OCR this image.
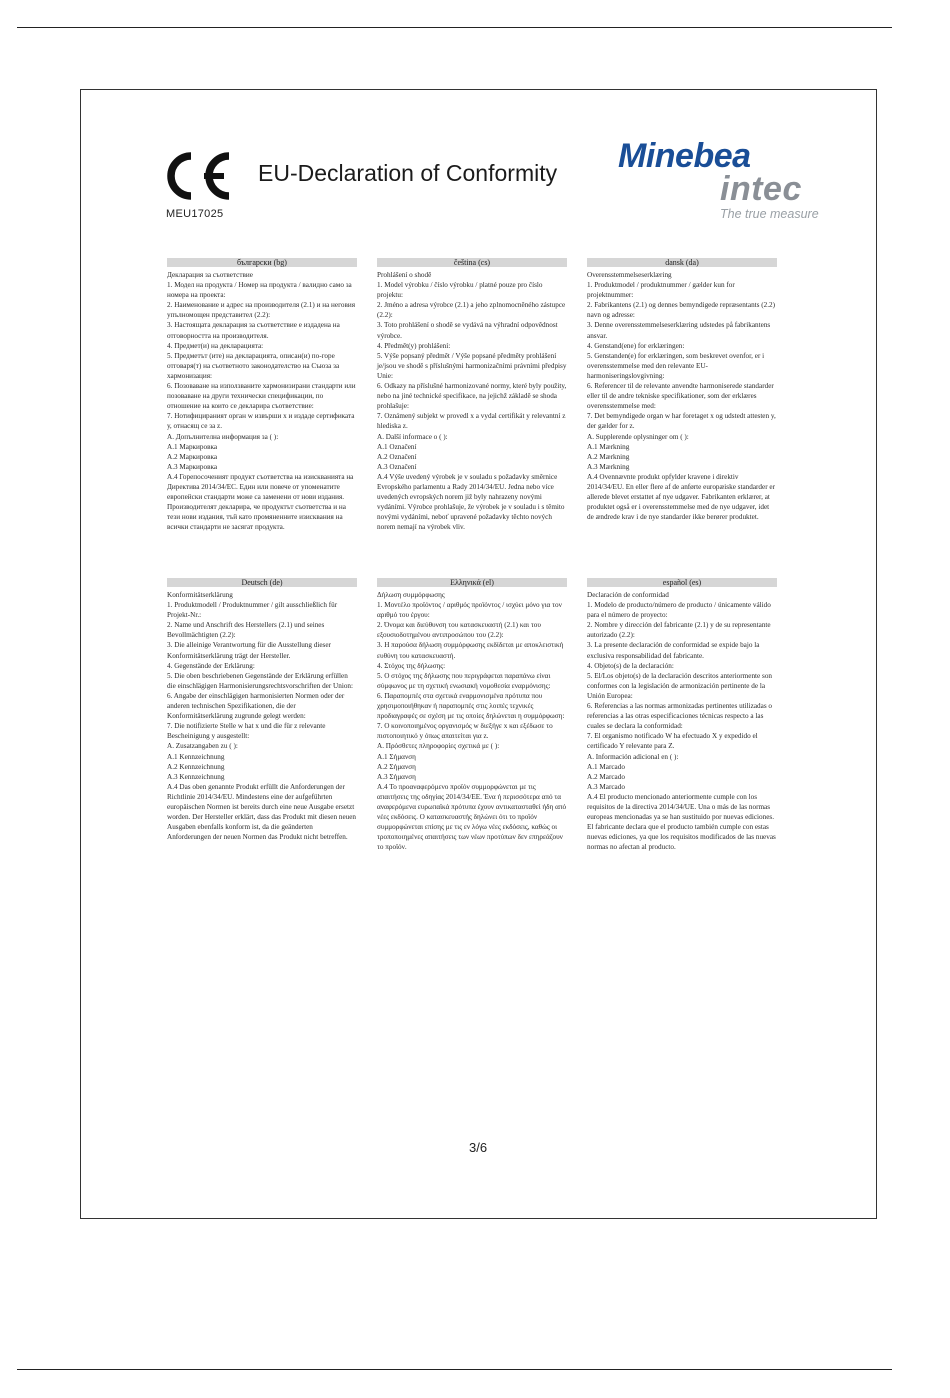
MEU17025
EU-Declaration of Conformity Minebea
intec
The true measure
български (bg)

Декларация за съответствие

1. Модел на продукта / Номер на продукта / валидно само за номера на проекта:

2. Наименование и адрес на производителя (2.1) и на неговия упълномощен представител (2.2):

3. Настоящата декларация за съответствие е издадена на отговорността на производителя.

4. Предмет(и) на декларацията:

5. Предметът (ите) на декларацията, описан(и) по-горе отговаря(т) на съответното законодателство на Съюза за хармонизация:

6. Позоваване на използваните хармонизирани стандарти или позоваване на други технически спецификации, по отношение на които се декларира съответствие:

7. Нотифицираният орган w извърши х и издаде сертификата у, отнасящ се за z.

A. Допълнителна информация за ( ):

A.1 Маркировка

A.2 Маркировка

A.3 Маркировка

A.4 Горепосоченият продукт съответства на изискванията на Директива 2014/34/ЕС. Един или повече от упоменатите европейски стандарти може са заменени от нови издания. Производителят декларира, че продуктът съответства и на тези нови издания, тъй като промяненните изисквания на всички стандарти не засягат продукта.

čeština (cs)

Prohlášení o shodě

1. Model výrobku / číslo výrobku / platné pouze pro číslo projektu:

2. Jméno a adresa výrobce (2.1) a jeho zplnomocněného zástupce (2.2):

3. Toto prohlášení o shodě se vydává na výhradní odpovědnost výrobce.

4. Předmět(y) prohlášení:

5. Výše popsaný předmět / Výše popsané předměty prohlášení je/jsou ve shodě s příslušnými harmonizačními právními předpisy Unie:

6. Odkazy na příslušné harmonizované normy, které byly použity, nebo na jiné technické specifikace, na jejichž základě se shoda prohlašuje:

7. Oznámený subjekt w provedl x a vydal certifikát y relevantní z hlediska z.

A. Další informace o ( ):

A.1 Označení

A.2 Označení

A.3 Označení

A.4 Výše uvedený výrobek je v souladu s požadavky směrnice Evropského parlamentu a Rady 2014/34/EU. Jedna nebo více uvedených evropských norem již byly nahrazeny novými vydáními. Výrobce prohlašuje, že výrobek je v souladu i s těmito novými vydáními, neboť upravené požadavky těchto nových norem nemají na výrobek vliv.

dansk (da)

Overensstemmelseserklæring

1. Produktmodel / produktnummer / gælder kun for projektnummer:

2. Fabrikantens (2.1) og dennes bemyndigede repræsentants (2.2) navn og adresse:

3. Denne overensstemmelseserklæring udstedes på fabrikantens ansvar.

4. Genstand(ene) for erklæringen:

5. Genstanden(e) for erklæringen, som beskrevet ovenfor, er i overensstemmelse med den relevante EU-harmoniseringslovgivning:

6. Referencer til de relevante anvendte harmoniserede standarder eller til de andre tekniske specifikationer, som der erklæres overensstemmelse med:

7. Det bemyndigede organ w har foretaget x og udstedt attesten y, der gælder for z.

A. Supplerende oplysninger om ( ):

A.1 Mærkning

A.2 Mærkning

A.3 Mærkning

A.4 Ovennævnte produkt opfylder kravene i direktiv 2014/34/EU. En eller flere af de anførte europæiske standarder er allerede blevet erstattet af nye udgaver. Fabrikanten erklærer, at produktet også er i overensstemmelse med de nye udgaver, idet de ændrede krav i de nye standarder ikke berører produktet.

Deutsch (de)

Konformitätserklärung

1. Produktmodell / Produktnummer / gilt ausschließlich für Projekt-Nr.:

2. Name und Anschrift des Herstellers (2.1) und seines Bevollmächtigten (2.2):

3. Die alleinige Verantwortung für die Ausstellung dieser Konformitätserklärung trägt der Hersteller.

4. Gegenstände der Erklärung:

5. Die oben beschriebenen Gegenstände der Erklärung erfüllen die einschlägigen Harmonisierungsrechtsvorschriften der Union:

6. Angabe der einschlägigen harmonisierten Normen oder der anderen technischen Spezifikationen, die der Konformitätserklärung zugrunde gelegt werden:

7. Die notifizierte Stelle w hat x und die für z relevante Bescheinigung y ausgestellt:

A. Zusatzangaben zu ( ):

A.1 Kennzeichnung

A.2 Kennzeichnung

A.3 Kennzeichnung

A.4 Das oben genannte Produkt erfüllt die Anforderungen der Richtlinie 2014/34/EU. Mindestens eine der aufgeführten europäischen Normen ist bereits durch eine neue Ausgabe ersetzt worden. Der Hersteller erklärt, dass das Produkt mit diesen neuen Ausgaben ebenfalls konform ist, da die geänderten Anforderungen der neuen Normen das Produkt nicht betreffen.

Ελληνικά (el)

Δήλωση συμμόρφωσης

1. Μοντέλο προϊόντος / αριθμός προϊόντος / ισχύει μόνο για τον αριθμό του έργου:

2. Όνομα και διεύθυνση του κατασκευαστή (2.1) και του εξουσιοδοτημένου αντιπροσώπου του (2.2):

3. Η παρούσα δήλωση συμμόρφωσης εκδίδεται με αποκλειστική ευθύνη του κατασκευαστή.

4. Στόχος της δήλωσης:

5. Ο στόχος της δήλωσης που περιγράφεται παραπάνω είναι σύμφωνος με τη σχετική ενωσιακή νομοθεσία εναρμόνισης:

6. Παραπομπές στα σχετικά εναρμονισμένα πρότυπα που χρησιμοποιήθηκαν ή παραπομπές στις λοιπές τεχνικές προδιαγραφές σε σχέση με τις οποίες δηλώνεται η συμμόρφωση:

7. Ο κοινοποιημένος οργανισμός w διεξήγε x και εξέδωσε το πιστοποιητικό y όπως απαιτείται για z.

A. Πρόσθετες πληροφορίες σχετικά με ( ):

A.1 Σήμανση

A.2 Σήμανση

A.3 Σήμανση

A.4 Το προαναφερόμενο προϊόν συμμορφώνεται με τις απαιτήσεις της οδηγίας 2014/34/ΕΕ. Ένα ή περισσότερα από τα αναφερόμενα ευρωπαϊκά πρότυπα έχουν αντικατασταθεί ήδη από νέες εκδόσεις. Ο κατασκευαστής δηλώνει ότι το προϊόν συμμορφώνεται επίσης με τις εν λόγω νέες εκδόσεις, καθώς οι τροποποιημένες απαιτήσεις των νέων προτύπων δεν επηρεάζουν το προϊόν.

español (es)

Declaración de conformidad

1. Modelo de producto/número de producto / únicamente válido para el número de proyecto:

2. Nombre y dirección del fabricante (2.1) y de su representante autorizado (2.2):

3. La presente declaración de conformidad se expide bajo la exclusiva responsabilidad del fabricante.

4. Objeto(s) de la declaración:

5. El/Los objeto(s) de la declaración descritos anteriormente son conformes con la legislación de armonización pertinente de la Unión Europea:

6. Referencias a las normas armonizadas pertinentes utilizadas o referencias a las otras especificaciones técnicas respecto a las cuales se declara la conformidad:

7. El organismo notificado W ha efectuado X y expedido el certificado Y relevante para Z.

A. Información adicional en ( ):

A.1 Marcado

A.2 Marcado

A.3 Marcado

A.4 El producto mencionado anteriormente cumple con los requisitos de la directiva 2014/34/UE. Una o más de las normas europeas mencionadas ya se han sustituido por nuevas ediciones. El fabricante declara que el producto también cumple con estas nuevas ediciones, ya que los requisitos modificados de las nuevas normas no afectan al producto.

3/6
